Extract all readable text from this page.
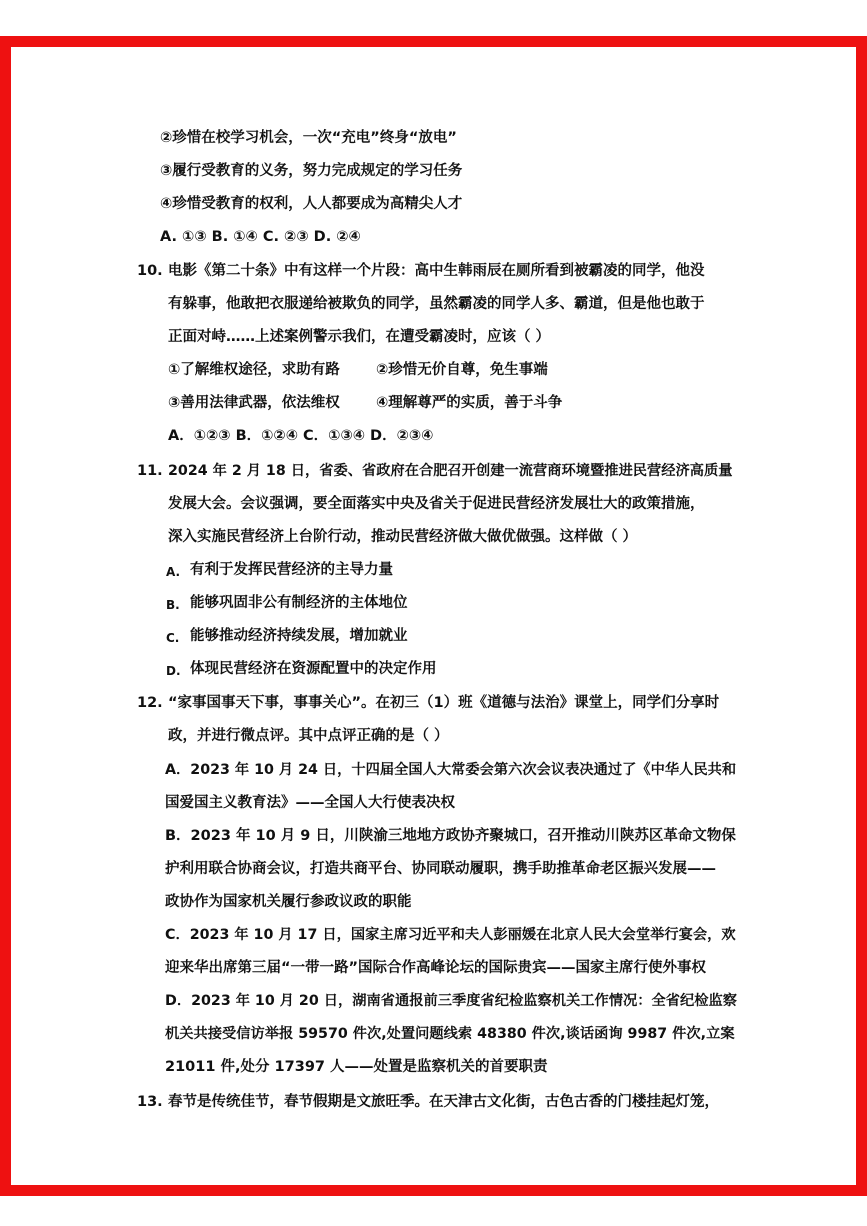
②珍惜在校学习机会，一次“充电”终身“放电”
③履行受教育的义务，努力完成规定的学习任务
④珍惜受教育的权利，人人都要成为高精尖人才
A. ①③ B. ①④ C. ②③ D. ②④
10. 电影《第二十条》中有这样一个片段：高中生韩雨辰在厕所看到被霸凌的同学，他没
有躲事，他敢把衣服递给被欺负的同学，虽然霸凌的同学人多、霸道，但是他也敢于
正面对峙……上述案例警示我们，在遭受霸凌时，应该（ ）
①了解维权途径，求助有路 ②珍惜无价自尊，免生事端
③善用法律武器，依法维权 ④理解尊严的实质，善于斗争
A．①②③ B．①②④ C．①③④ D．②③④
11. 2024 年 2 月 18 日，省委、省政府在合肥召开创建一流营商环境暨推进民营经济高质量
发展大会。会议强调，要全面落实中央及省关于促进民营经济发展壮大的政策措施，
深入实施民营经济上台阶行动，推动民营经济做大做优做强。这样做（ ）
A. 有利于发挥民营经济的主导力量
B. 能够巩固非公有制经济的主体地位
C. 能够推动经济持续发展，增加就业
D. 体现民营经济在资源配置中的决定作用
12. “家事国事天下事，事事关心”。在初三（1）班《道德与法治》课堂上，同学们分享时
政，并进行微点评。其中点评正确的是（ ）
A．2023 年 10 月 24 日，十四届全国人大常委会第六次会议表决通过了《中华人民共和
国爱国主义教育法》——全国人大行使表决权
B．2023 年 10 月 9 日，川陕渝三地地方政协齐聚城口，召开推动川陕苏区革命文物保
护利用联合协商会议，打造共商平台、协同联动履职，携手助推革命老区振兴发展——
政协作为国家机关履行参政议政的职能
C．2023 年 10 月 17 日，国家主席习近平和夫人彭丽媛在北京人民大会堂举行宴会，欢
迎来华出席第三届“一带一路”国际合作高峰论坛的国际贵宾——国家主席行使外事权
D．2023 年 10 月 20 日，湖南省通报前三季度省纪检监察机关工作情况：全省纪检监察
机关共接受信访举报 59570 件次,处置问题线索 48380 件次,谈话函询 9987 件次,立案
21011 件,处分 17397 人——处置是监察机关的首要职责
13. 春节是传统佳节，春节假期是文旅旺季。在天津古文化街，古色古香的门楼挂起灯笼，
